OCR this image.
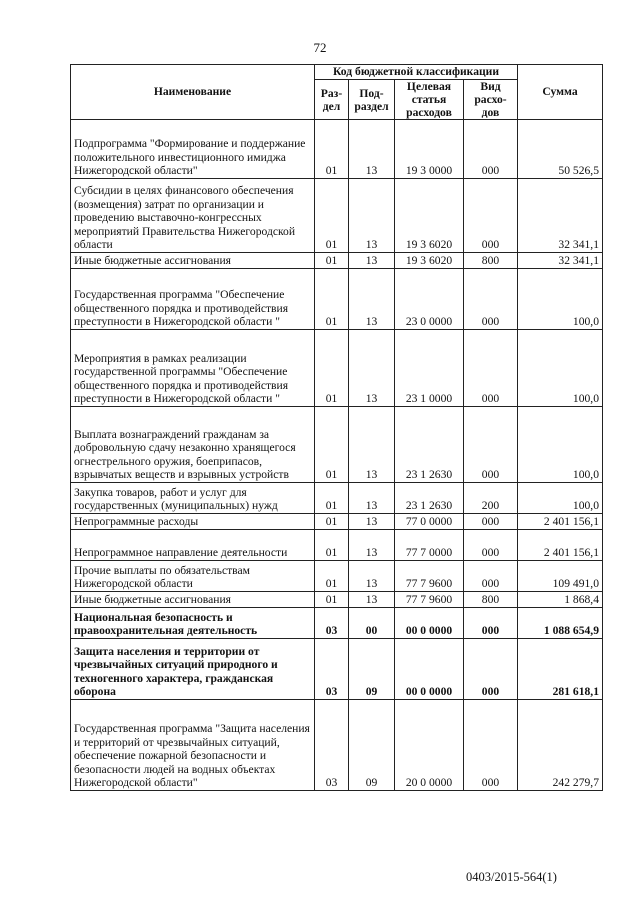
72
Наименование	Код бюджетной классификации				Сумма
	Раз-дел	Под-раздел	Целевая статья расходов	Вид расхо-дов	
Подпрограмма "Формирование и поддержание положительного инвестиционного имиджа Нижегородской области"	01	13	19 3 0000	000	50 526,5
Субсидии в целях финансового обеспечения (возмещения) затрат по организации и проведению выставочно-конгрессных мероприятий Правительства Нижегородской области	01	13	19 3 6020	000	32 341,1
Иные бюджетные ассигнования	01	13	19 3 6020	800	32 341,1
Государственная программа "Обеспечение общественного порядка и противодействия преступности в Нижегородской области "	01	13	23 0 0000	000	100,0
Мероприятия в рамках реализации государственной программы "Обеспечение общественного порядка и противодействия преступности в Нижегородской области "	01	13	23 1 0000	000	100,0
Выплата вознаграждений гражданам за добровольную сдачу незаконно хранящегося огнестрельного оружия, боеприпасов, взрывчатых веществ и взрывных устройств	01	13	23 1 2630	000	100,0
Закупка товаров, работ и услуг для государственных (муниципальных) нужд	01	13	23 1 2630	200	100,0
Непрограммные расходы	01	13	77 0 0000	000	2 401 156,1
Непрограммное направление деятельности	01	13	77 7 0000	000	2 401 156,1
Прочие выплаты по обязательствам Нижегородской области	01	13	77 7 9600	000	109 491,0
Иные бюджетные ассигнования	01	13	77 7 9600	800	1 868,4
Национальная безопасность и правоохранительная деятельность	03	00	00 0 0000	000	1 088 654,9
Защита населения и территории от чрезвычайных ситуаций природного и техногенного характера, гражданская оборона	03	09	00 0 0000	000	281 618,1
Государственная программа "Защита населения и территорий от чрезвычайных ситуаций, обеспечение пожарной безопасности и безопасности людей на водных объектах Нижегородской области"	03	09	20 0 0000	000	242 279,7
0403/2015-564(1)
